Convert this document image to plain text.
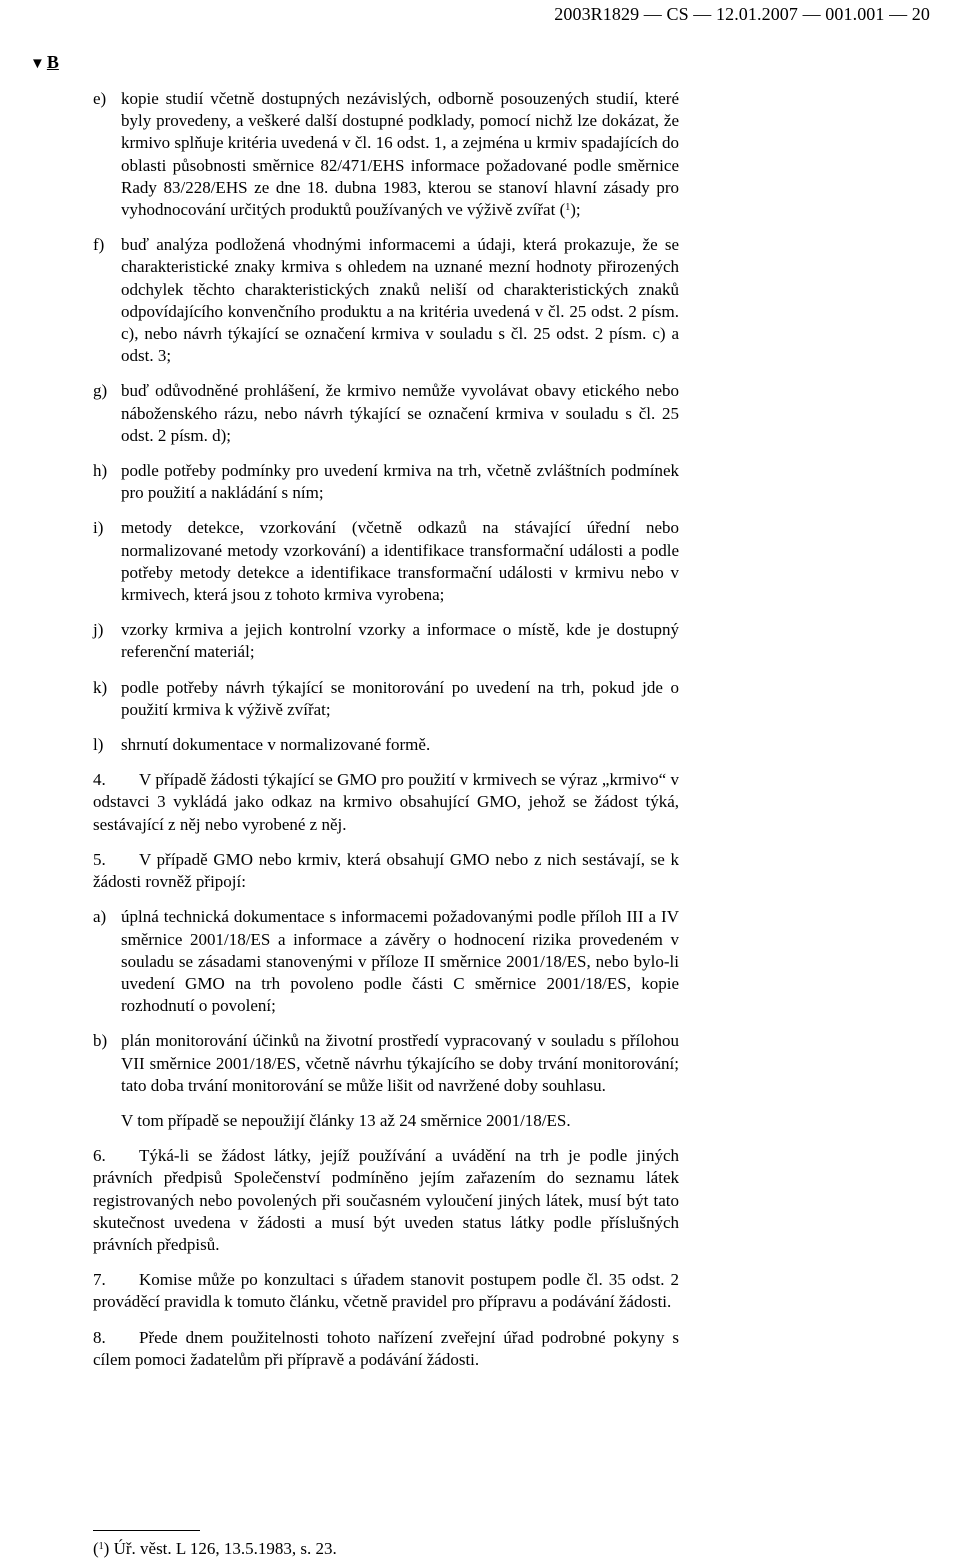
2003R1829 — CS — 12.01.2007 — 001.001 — 20
▼ B
e) kopie studií včetně dostupných nezávislých, odborně posouzených studií, které byly provedeny, a veškeré další dostupné podklady, pomocí nichž lze dokázat, že krmivo splňuje kritéria uvedená v čl. 16 odst. 1, a zejména u krmiv spadajících do oblasti působnosti směrnice 82/471/EHS informace požadované podle směrnice Rady 83/228/EHS ze dne 18. dubna 1983, kterou se stanoví hlavní zásady pro vyhodnocování určitých produktů používaných ve výživě zvířat ($^1$);
f) buď analýza podložená vhodnými informacemi a údaji, která prokazuje, že se charakteristické znaky krmiva s ohledem na uznané mezní hodnoty přirozených odchylek těchto charakteristických znaků neliší od charakteristických znaků odpovídajícího konvenčního produktu a na kritéria uvedená v čl. 25 odst. 2 písm. c), nebo návrh týkající se označení krmiva v souladu s čl. 25 odst. 2 písm. c) a odst. 3;
g) buď odůvodněné prohlášení, že krmivo nemůže vyvolávat obavy etického nebo náboženského rázu, nebo návrh týkající se označení krmiva v souladu s čl. 25 odst. 2 písm. d);
h) podle potřeby podmínky pro uvedení krmiva na trh, včetně zvláštních podmínek pro použití a nakládání s ním;
i)	metody detekce, vzorkování (včetně odkazů na stávající úřední nebo normalizované metody vzorkování) a identifikace transformační události a podle potřeby metody detekce a identifikace transformační události v krmivu nebo v krmivech, která jsou z tohoto krmiva vyrobena;
j)	vzorky krmiva a jejich kontrolní vzorky a informace o místě, kde je dostupný referenční materiál;
k) podle potřeby návrh týkající se monitorování po uvedení na trh, pokud jde o použití krmiva k výživě zvířat;
l)	shrnutí dokumentace v normalizované formě.

4. V případě žádosti týkající se GMO pro použití v krmivech se výraz „krmivo“ v odstavci 3 vykládá jako odkaz na krmivo obsahující GMO, jehož se žádost týká, sestávající z něj nebo vyrobené z něj.

5. V případě GMO nebo krmiv, která obsahují GMO nebo z nich sestávají, se k žádosti rovněž připojí:

a) úplná technická dokumentace s informacemi požadovanými podle příloh III a IV směrnice 2001/18/ES a informace a závěry o hodnocení rizika provedeném v souladu se zásadami stanovenými v příloze II směrnice 2001/18/ES, nebo bylo-li uvedení GMO na trh povoleno podle části C směrnice 2001/18/ES, kopie rozhodnutí o povolení;
b) plán monitorování účinků na životní prostředí vypracovaný v souladu s přílohou VII směrnice 2001/18/ES, včetně návrhu týkajícího se doby trvání monitorování; tato doba trvání monitorování se může lišit od navržené doby souhlasu.

V tom případě se nepoužijí články 13 až 24 směrnice 2001/18/ES.

6. Týká-li se žádost látky, jejíž používání a uvádění na trh je podle jiných právních předpisů Společenství podmíněno jejím zařazením do seznamu látek registrovaných nebo povolených při současném vyloučení jiných látek, musí být tato skutečnost uvedena v žádosti a musí být uveden status látky podle příslušných právních předpisů.

7. Komise může po konzultaci s úřadem stanovit postupem podle čl. 35 odst. 2 prováděcí pravidla k tomuto článku, včetně pravidel pro přípravu a podávání žádosti.

8. Přede dnem použitelnosti tohoto nařízení zveřejní úřad podrobné pokyny s cílem pomoci žadatelům při přípravě a podávání žádosti.

($^1$) Úř. věst. L 126, 13.5.1983, s. 23.
